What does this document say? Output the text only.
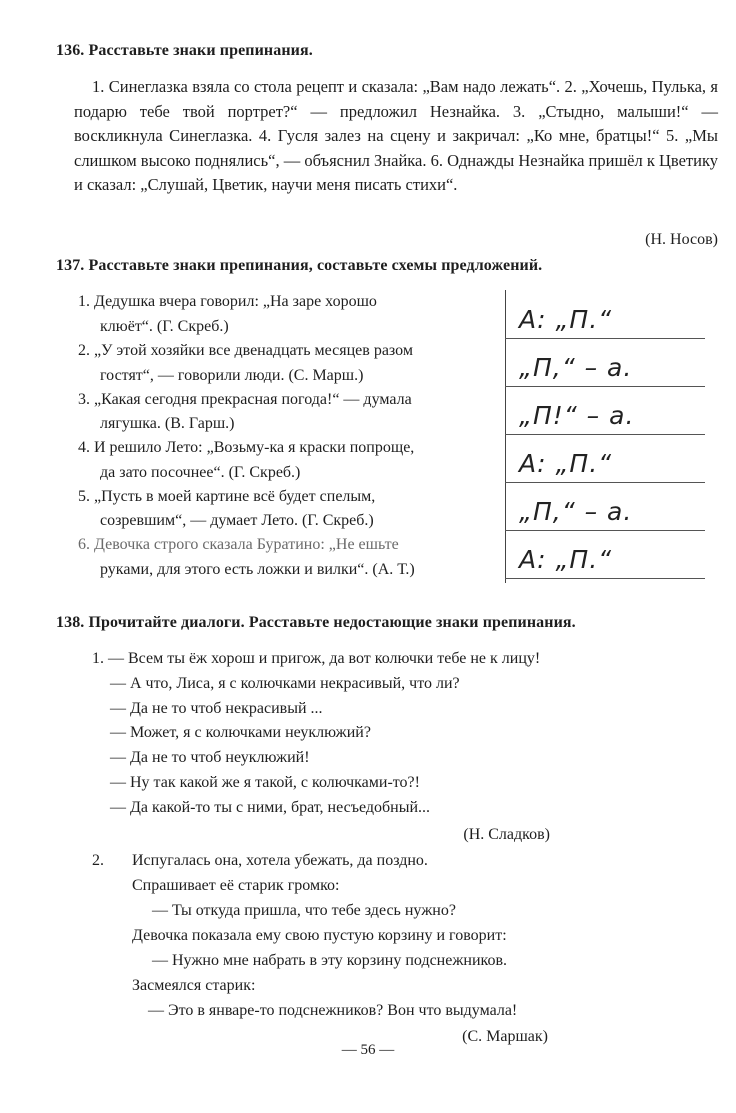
136. Расставьте знаки препинания.
1. Синеглазка взяла со стола рецепт и сказала: „Вам надо лежать“. 2. „Хочешь, Пулька, я подарю тебе твой портрет?“ — предложил Незнайка. 3. „Стыдно, малыши!“ — воскликнула Синеглазка. 4. Гусля залез на сцену и закричал: „Ко мне, братцы!“ 5. „Мы слишком высоко поднялись“, — объяснил Знайка. 6. Однажды Незнайка пришёл к Цветику и сказал: „Слушай, Цветик, научи меня писать стихи“.
(Н. Носов)
137. Расставьте знаки препинания, составьте схемы предложений.
1. Дедушка вчера говорил: „На заре хорошо
клюёт“. (Г. Скреб.)
2. „У этой хозяйки все двенадцать месяцев разом
гостят“, — говорили люди. (С. Марш.)
3. „Какая сегодня прекрасная погода!“ — думала
лягушка. (В. Гарш.)
4. И решило Лето: „Возьму-ка я краски попроще,
да зато посочнее“. (Г. Скреб.)
5. „Пусть в моей картине всё будет спелым,
созревшим“, — думает Лето. (Г. Скреб.)
6. Девочка строго сказала Буратино: „Не ешьте
руками, для этого есть ложки и вилки“. (А. Т.)
А: „П.“
„П,“ – а.
„П!“ – а.
А: „П.“
„П,“ – а.
А: „П.“
138. Прочитайте диалоги. Расставьте недостающие знаки препинания.
1. — Всем ты ёж хорош и пригож, да вот колючки тебе не к лицу!
— А что, Лиса, я с колючками некрасивый, что ли?
— Да не то чтоб некрасивый ...
— Может, я с колючками неуклюжий?
— Да не то чтоб неуклюжий!
— Ну так какой же я такой, с колючками-то?!
— Да какой-то ты с ними, брат, несъедобный...
(Н. Сладков)
2. Испугалась она, хотела убежать, да поздно.
Спрашивает её старик громко:
— Ты откуда пришла, что тебе здесь нужно?
Девочка показала ему свою пустую корзину и говорит:
— Нужно мне набрать в эту корзину подснежников.
Засмеялся старик:
— Это в январе-то подснежников? Вон что выдумала!
(С. Маршак)
— 56 —
